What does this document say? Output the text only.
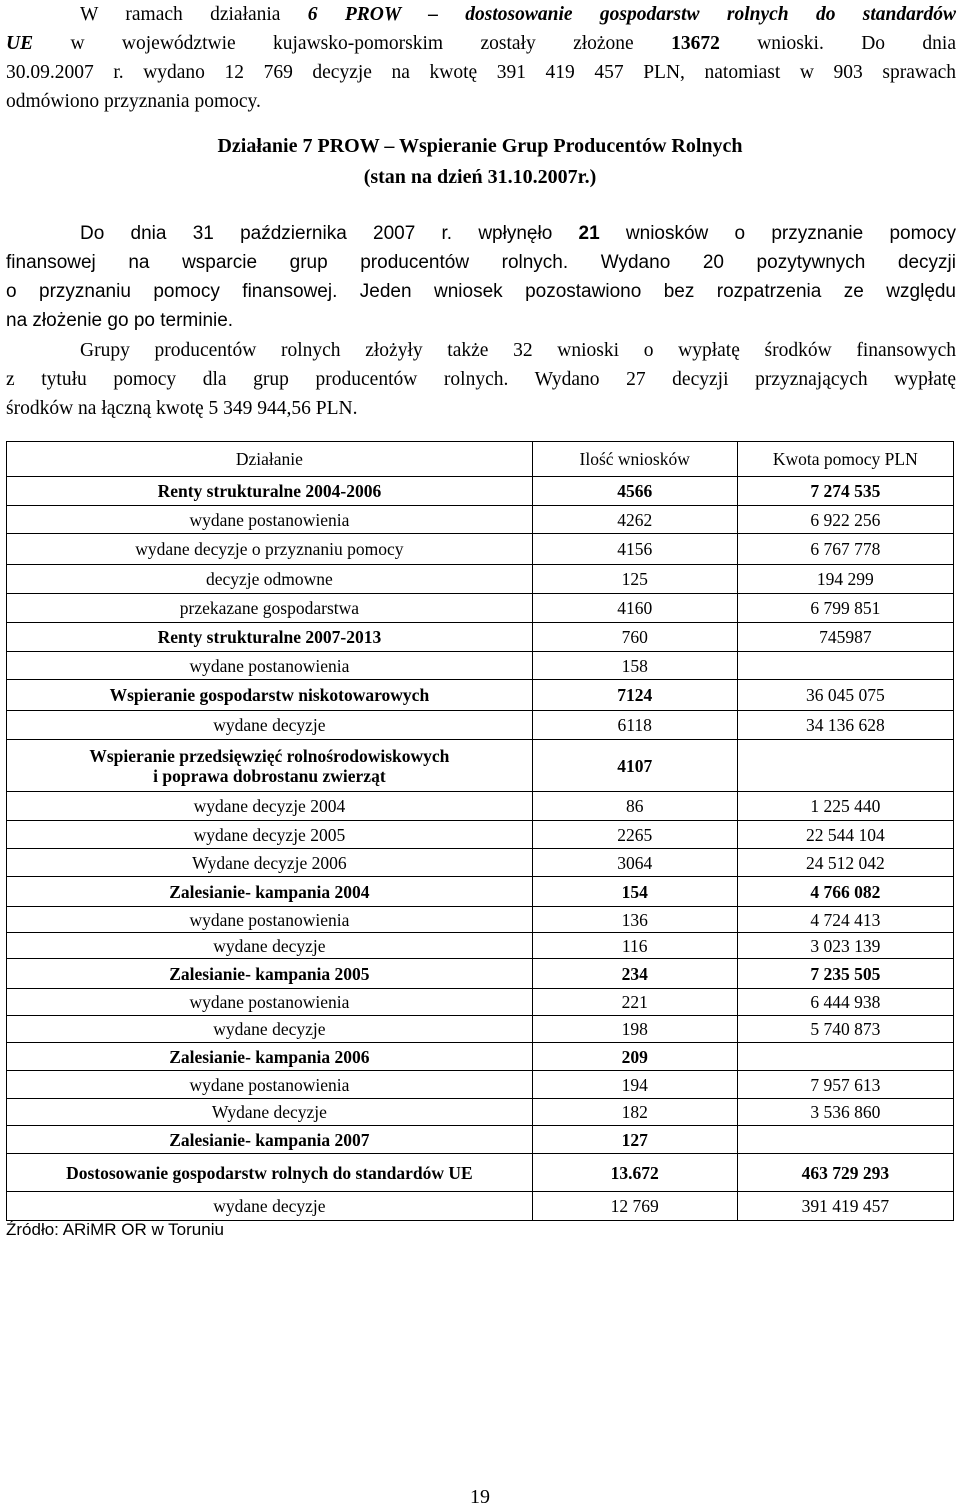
W ramach działania 6 PROW – dostosowanie gospodarstw rolnych do standardów
UE w województwie kujawsko-pomorskim zostały złożone 13672 wnioski. Do dnia
30.09.2007 r. wydano 12 769 decyzje na kwotę 391 419 457 PLN, natomiast w 903 sprawach
odmówiono przyznania pomocy.
Działanie 7 PROW – Wspieranie Grup Producentów Rolnych
(stan na dzień 31.10.2007r.)
Do dnia 31 października 2007 r. wpłynęło 21 wniosków o przyznanie pomocy
finansowej na wsparcie grup producentów rolnych. Wydano 20 pozytywnych decyzji
o przyznaniu pomocy finansowej. Jeden wniosek pozostawiono bez rozpatrzenia ze względu
na złożenie go po terminie.
Grupy producentów rolnych złożyły także 32 wnioski o wypłatę środków finansowych
z tytułu pomocy dla grup producentów rolnych. Wydano 27 decyzji przyznających wypłatę
środków na łączną kwotę 5 349 944,56 PLN.
Działanie	Ilość wniosków	Kwota pomocy PLN
Renty strukturalne 2004-2006	4566	7 274 535
wydane postanowienia	4262	6 922 256
wydane decyzje o przyznaniu pomocy	4156	6 767 778
decyzje odmowne	125	194 299
przekazane gospodarstwa	4160	6 799 851
Renty strukturalne 2007-2013	760	745987
wydane postanowienia	158	
Wspieranie gospodarstw niskotowarowych	7124	36 045 075
wydane decyzje	6118	34 136 628

Wspieranie przedsięwzięć rolnośrodowiskowych
i poprawa dobrostanu zwierząt	4107	
wydane decyzje 2004	86	1 225 440
wydane decyzje 2005	2265	22 544 104
Wydane decyzje 2006	3064	24 512 042
Zalesianie- kampania 2004	154	4 766 082
wydane postanowienia	136	4 724 413
wydane decyzje	116	3 023 139
Zalesianie- kampania 2005	234	7 235 505
wydane postanowienia	221	6 444 938
wydane decyzje	198	5 740 873
Zalesianie- kampania 2006	209	
wydane postanowienia	194	7 957 613
Wydane decyzje	182	3 536 860
Zalesianie- kampania 2007	127	
Dostosowanie gospodarstw rolnych do standardów UE	13.672	463 729 293
wydane decyzje	12 769	391 419 457
Źródło: ARiMR OR w Toruniu
19
